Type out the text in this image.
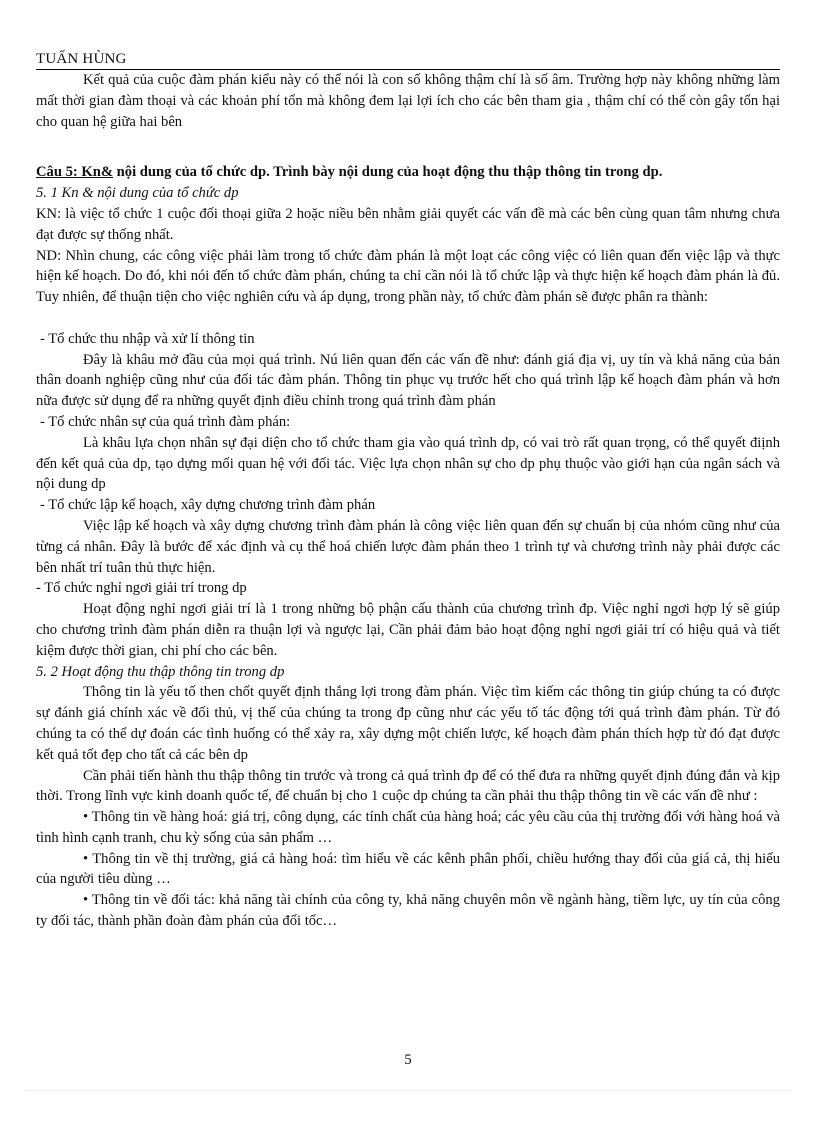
TUẤN HÙNG

Kết quả của cuộc đàm phán kiểu này có thể nói là con số không thậm chí là số âm. Trường hợp này không những làm mất thời gian đàm thoại và các khoản phí tổn mà không đem lại lợi ích cho các bên tham gia , thậm chí có thể còn gây tổn hại cho quan hệ giữa hai bên

Câu 5: Kn& nội dung của tổ chức dp. Trình bày nội dung của hoạt động thu thập thông tin trong dp.

5. 1 Kn & nội dung của tổ chức dp

KN: là việc tổ chức 1 cuộc đối thoại giữa 2 hoặc niều bên nhằm giải quyết các vấn đề mà các bên cùng quan tâm nhưng chưa đạt được sự thống nhất.

ND: Nhìn chung, các công việc phải làm trong tổ chức đàm phán là một loạt các công việc có liên quan đến việc lập và thực hiện kế hoạch. Do đó, khi nói đến tổ chức đàm phán, chúng ta chỉ cần nói là tổ chức lập và thực hiện kế hoạch đàm phán là đủ. Tuy nhiên, để thuận tiện cho việc nghiên cứu và áp dụng, trong phần này, tổ chức đàm phán sẽ được phân ra thành:

- Tổ chức thu nhập và xử lí thông tin

Đây là khâu mở đầu của mọi quá trình. Nú liên quan đến các vấn đề như: đánh giá địa vị, uy tín và khả năng của bản thân doanh nghiệp cũng như của đối tác đàm phán. Thông tin phục vụ trước hết cho quá trình lập kế hoạch đàm phán và hơn nữa được sử dụng để ra những quyết định điều chỉnh trong quá trình đàm phán

- Tổ chức nhân sự của quá trình đàm phán:

Là khâu lựa chọn nhân sự đại diện cho tổ chức tham gia vào quá trình dp, có vai trò rất quan trọng, có thể quyết điịnh đến kết quả của dp, tạo dựng mối quan hệ với đối tác. Việc lựa chọn nhân sự cho dp phụ thuộc vào giới hạn của ngân sách và nội dung dp

- Tổ chức lập kế hoạch, xây dựng chương trình đàm phán

Việc lập kế hoạch và xây dựng chương trình đàm phán là công việc liên quan đến sự chuẩn bị của nhóm cũng như của từng cá nhân. Đây là bước để xác định và cụ thể hoá chiến lược đàm phán theo 1 trình tự và chương trình này phải được các bên nhất trí tuân thủ thực hiện.

- Tổ chức nghỉ ngơi giải trí trong dp

Hoạt động nghỉ ngơi giải trí là 1 trong những bộ phận cấu thành của chương trình đp. Việc nghỉ ngơi hợp lý sẽ giúp cho chương trình đàm phán diễn ra thuận lợi và ngược lại, Cần phải đảm bảo hoạt động nghỉ ngơi giải trí có hiệu quả và tiết kiệm được thời gian, chi phí cho các bên.

5. 2 Hoạt động thu thập thông tin trong dp

Thông tin là yếu tố then chốt quyết định thắng lợi trong đàm phán. Việc tìm kiếm các thông tin giúp chúng ta có được sự đánh giá chính xác về đối thủ, vị thế của chúng ta trong đp cũng như các yếu tố tác động tới quá trình đàm phán. Từ đó chúng ta có thể dự đoán các tình huống có thể xảy ra, xây dựng một chiến lược, kế hoạch đàm phán thích hợp từ đó đạt được kết quả tốt đẹp cho tất cả các bên dp

Cần phải tiến hành thu thập thông tin trước và trong cả quá trình đp để có thể đưa ra những quyết định đúng đắn và kịp thời. Trong lĩnh vực kinh doanh quốc tế, để chuẩn bị cho 1 cuộc dp chúng ta cần phải thu thập thông tin về các vấn đề như :

• Thông tin về hàng hoá: giá trị, công dụng, các tính chất của hàng hoá; các yêu cầu của thị trường đối với hàng hoá và tình hình cạnh tranh, chu kỳ sống của sản phẩm …

• Thông tin về thị trường, giá cả hàng hoá: tìm hiểu về các kênh phân phối, chiều hướng thay đổi của giá cả, thị hiếu của người tiêu dùng …

• Thông tin về đối tác: khả năng tài chính của công ty, khả năng chuyên môn về ngành hàng, tiềm lực, uy tín của công ty đối tác, thành phần đoàn đàm phán của đối tốc…

5
